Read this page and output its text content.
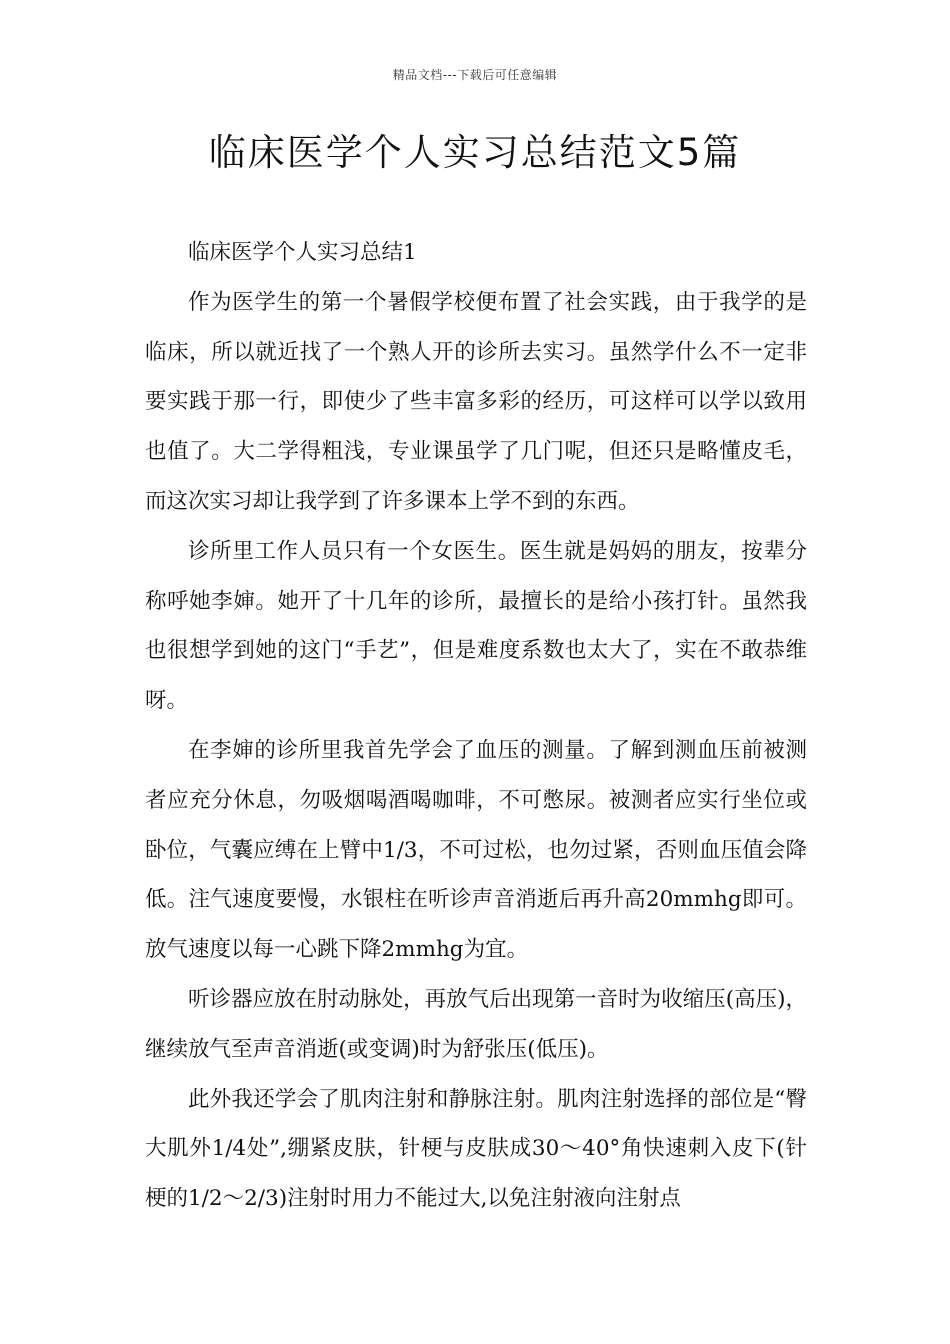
精品文档---下载后可任意编辑
临床医学个人实习总结范文5篇

临床医学个人实习总结1

作为医学生的第一个暑假学校便布置了社会实践，由于我学的是临床，所以就近找了一个熟人开的诊所去实习。虽然学什么不一定非要实践于那一行，即使少了些丰富多彩的经历，可这样可以学以致用也值了。大二学得粗浅，专业课虽学了几门呢，但还只是略懂皮毛，而这次实习却让我学到了许多课本上学不到的东西。

诊所里工作人员只有一个女医生。医生就是妈妈的朋友，按辈分称呼她李婶。她开了十几年的诊所，最擅长的是给小孩打针。虽然我也很想学到她的这门“手艺”，但是难度系数也太大了，实在不敢恭维呀。

在李婶的诊所里我首先学会了血压的测量。了解到测血压前被测者应充分休息，勿吸烟喝酒喝咖啡，不可憋尿。被测者应实行坐位或卧位，气囊应缚在上臂中1/3，不可过松，也勿过紧，否则血压值会降低。注气速度要慢，水银柱在听诊声音消逝后再升高20mmhg即可。放气速度以每一心跳下降2mmhg为宜。

听诊器应放在肘动脉处，再放气后出现第一音时为收缩压(高压)，继续放气至声音消逝(或变调)时为舒张压(低压)。

此外我还学会了肌肉注射和静脉注射。肌肉注射选择的部位是“臀大肌外1/4处”,绷紧皮肤，针梗与皮肤成30～40°角快速刺入皮下(针梗的1/2～2/3)注射时用力不能过大,以免注射液向注射点
